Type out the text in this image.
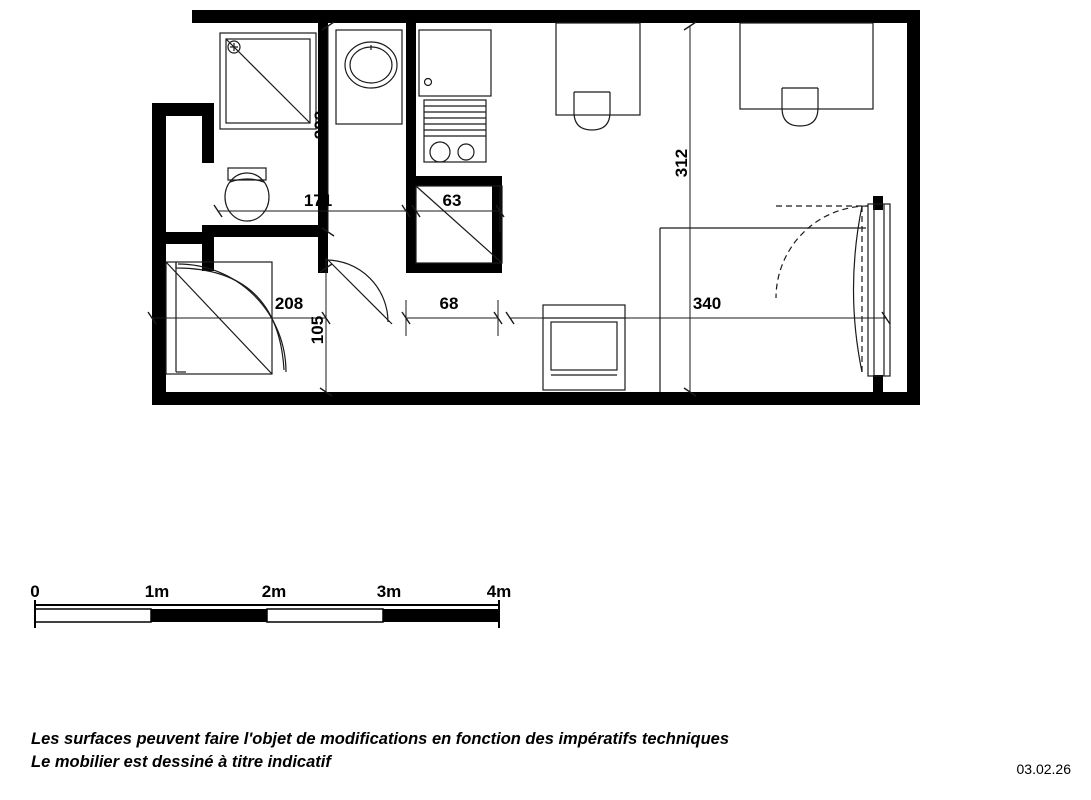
202
171	63
312
208
105
68	340
0	1m	2m	3m	4m
Les surfaces peuvent faire l'objet de modifications en fonction des impératifs techniques
Le mobilier est dessiné à titre indicatif	03.02.26
